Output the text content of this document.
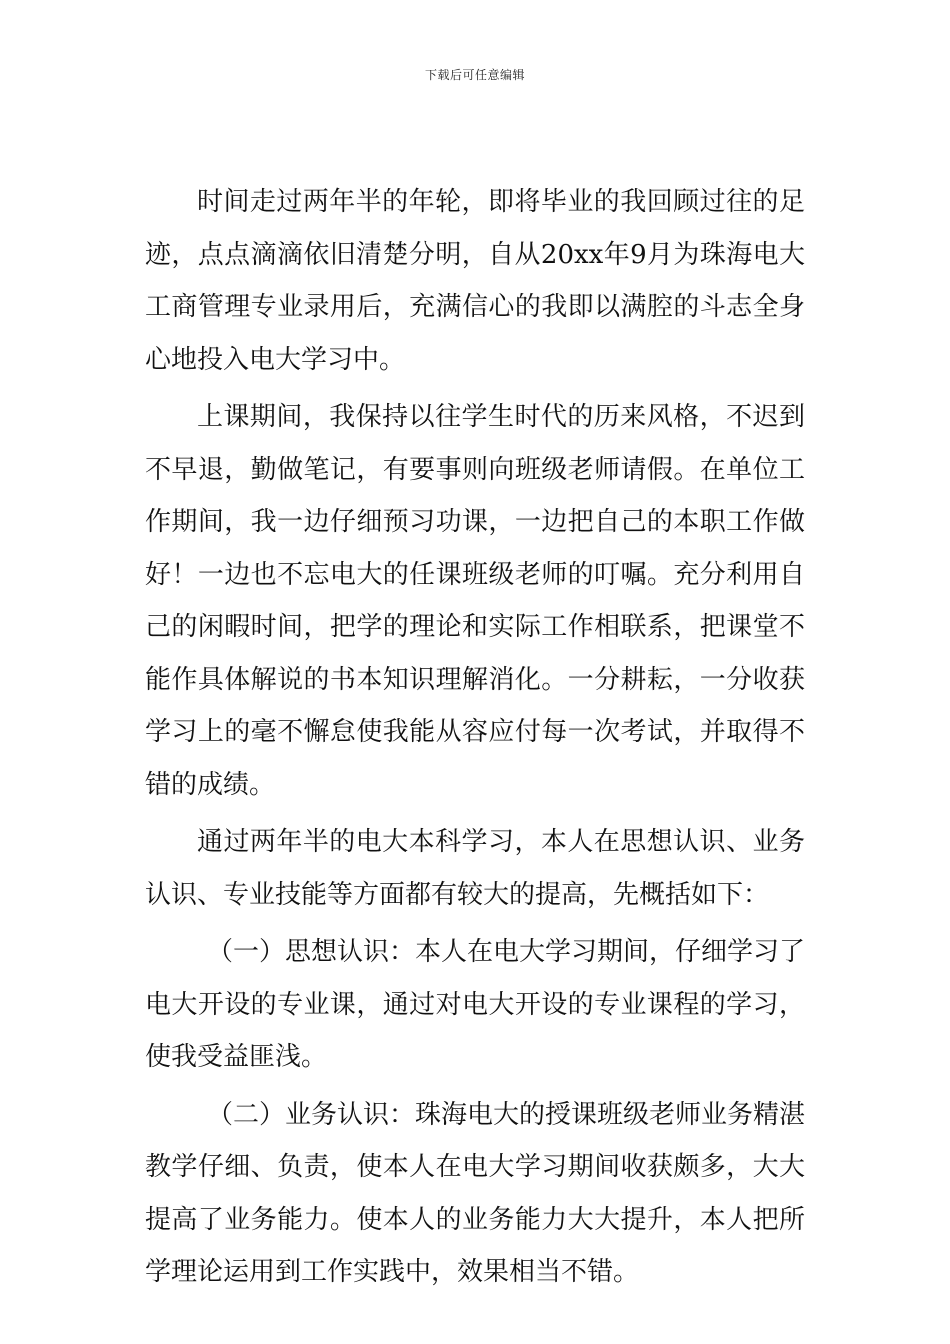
下载后可任意编辑

时间走过两年半的年轮，即将毕业的我回顾过往的足迹，点点滴滴依旧清楚分明，自从20xx年9月为珠海电大工商管理专业录用后，充满信心的我即以满腔的斗志全身心地投入电大学习中。

上课期间，我保持以往学生时代的历来风格，不迟到不早退，勤做笔记，有要事则向班级老师请假。在单位工作期间，我一边仔细预习功课，一边把自己的本职工作做好！一边也不忘电大的任课班级老师的叮嘱。充分利用自己的闲暇时间，把学的理论和实际工作相联系，把课堂不能作具体解说的书本知识理解消化。一分耕耘，一分收获学习上的毫不懈怠使我能从容应付每一次考试，并取得不错的成绩。

通过两年半的电大本科学习，本人在思想认识、业务认识、专业技能等方面都有较大的提高，先概括如下：

（一）思想认识：本人在电大学习期间，仔细学习了电大开设的专业课，通过对电大开设的专业课程的学习，使我受益匪浅。

（二）业务认识：珠海电大的授课班级老师业务精湛教学仔细、负责，使本人在电大学习期间收获颇多，大大提高了业务能力。使本人的业务能力大大提升，本人把所学理论运用到工作实践中，效果相当不错。
